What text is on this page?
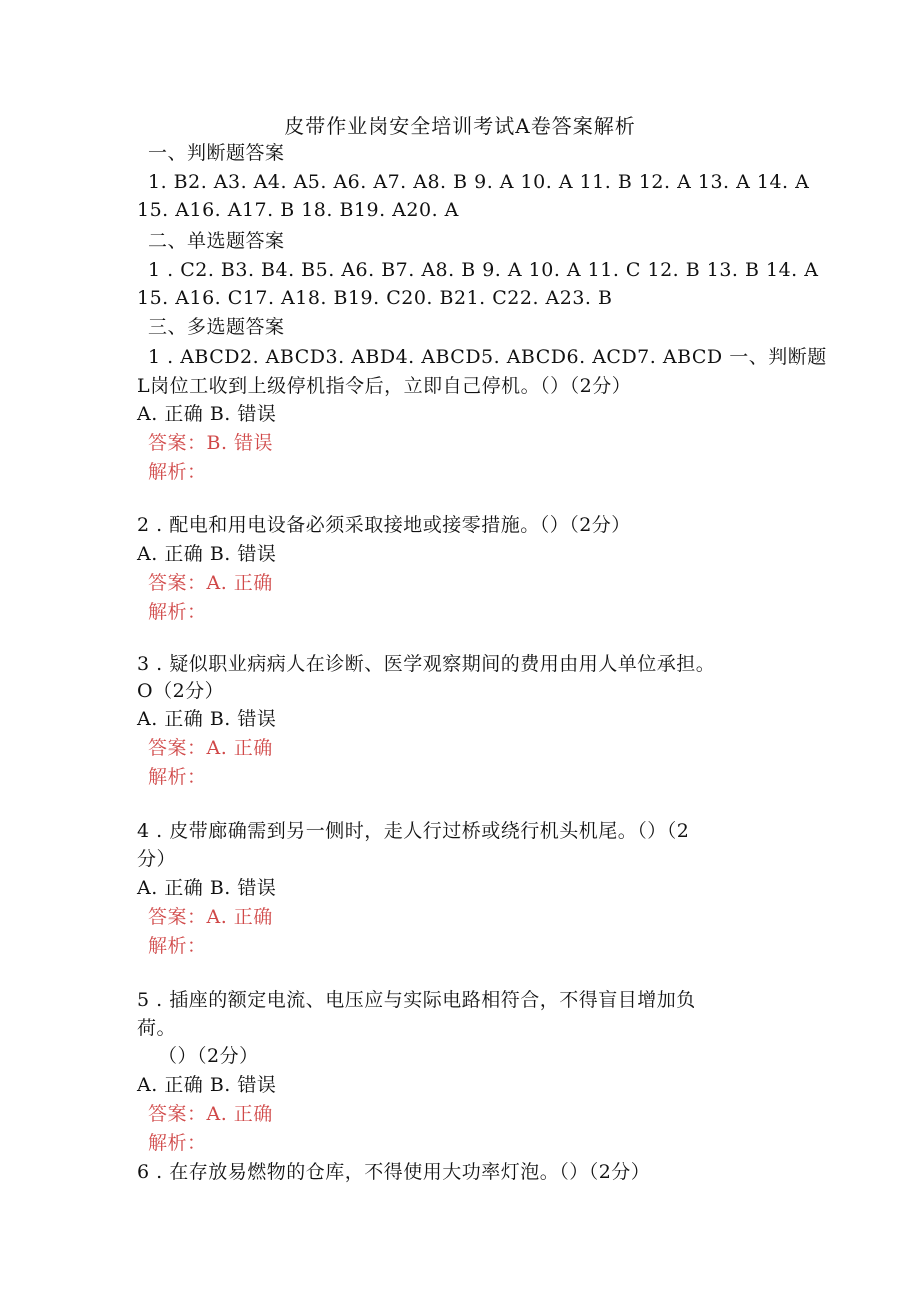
皮带作业岗安全培训考试A卷答案解析
一、判断题答案
1. B2. A3. A4. A5. A6. A7. A8. B 9. A 10. A 11. B 12. A 13. A 14. A
15. A16. A17. B 18. B19. A20. A
二、单选题答案
1 . C2. B3. B4. B5. A6. B7. A8. B 9. A 10. A 11. C 12. B 13. B 14. A
15. A16. C17. A18. B19. C20. B21. C22. A23. B
三、多选题答案
1 . ABCD2. ABCD3. ABD4. ABCD5. ABCD6. ACD7. ABCD 一、判断题
L岗位工收到上级停机指令后，立即自己停机。（）（2分）
A. 正确 B. 错误
答案：B. 错误
解析：
2 . 配电和用电设备必须采取接地或接零措施。（）（2分）
A. 正确 B. 错误
答案：A. 正确
解析：
3 . 疑似职业病病人在诊断、医学观察期间的费用由用人单位承担。
O（2分）
A. 正确 B. 错误
答案：A. 正确
解析：
4 . 皮带廊确需到另一侧时，走人行过桥或绕行机头机尾。（）（2
分）
A. 正确 B. 错误
答案：A. 正确
解析：
5 . 插座的额定电流、电压应与实际电路相符合，不得盲目增加负
荷。
（）（2分）
A. 正确 B. 错误
答案：A. 正确
解析：
6 . 在存放易燃物的仓库，不得使用大功率灯泡。（）（2分）
